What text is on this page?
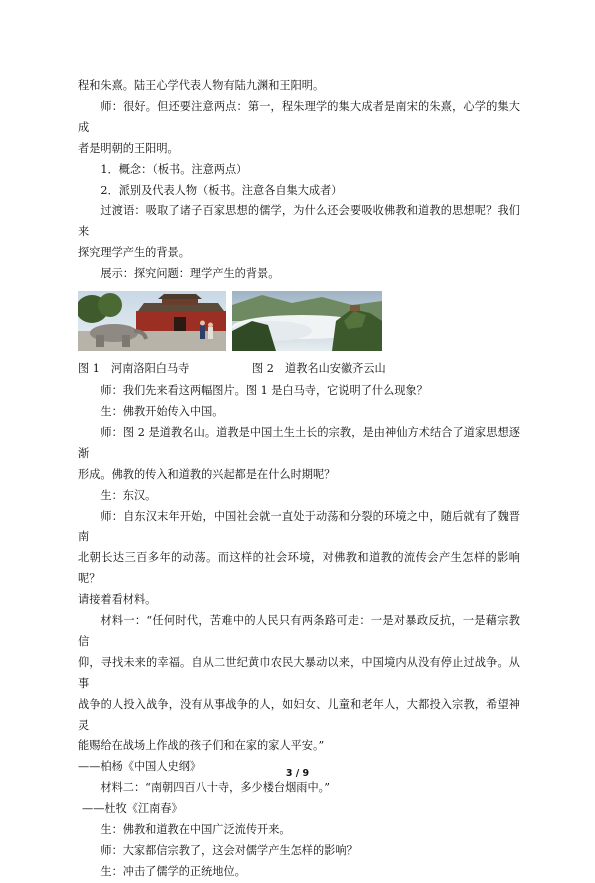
程和朱熹。陆王心学代表人物有陆九渊和王阳明。

师：很好。但还要注意两点：第一，程朱理学的集大成者是南宋的朱熹，心学的集大成

者是明朝的王阳明。

1．概念：（板书。注意两点）

2．派别及代表人物（板书。注意各自集大成者）

过渡语：吸取了诸子百家思想的儒学，为什么还会要吸收佛教和道教的思想呢？我们来

探究理学产生的背景。

展示：探究问题：理学产生的背景。

图 1　河南洛阳白马寺	图 2　道教名山安徽齐云山

师：我们先来看这两幅图片。图 1 是白马寺，它说明了什么现象？

生：佛教开始传入中国。

师：图 2 是道教名山。道教是中国土生土长的宗教，是由神仙方术结合了道家思想逐渐

形成。佛教的传入和道教的兴起都是在什么时期呢？

生：东汉。

师：自东汉末年开始，中国社会就一直处于动荡和分裂的环境之中，随后就有了魏晋南

北朝长达三百多年的动荡。而这样的社会环境，对佛教和道教的流传会产生怎样的影响呢？

请接着看材料。

材料一：“任何时代，苦难中的人民只有两条路可走：一是对暴政反抗，一是藉宗教信

仰，寻找未来的幸福。自从二世纪黄巾农民大暴动以来，中国境内从没有停止过战争。从事

战争的人投入战争，没有从事战争的人，如妇女、儿童和老年人，大都投入宗教，希望神灵

能赐给在战场上作战的孩子们和在家的家人平安。”

——柏杨《中国人史纲》

材料二：“南朝四百八十寺，多少楼台烟雨中。”

——杜牧《江南春》

生：佛教和道教在中国广泛流传开来。

师：大家都信宗教了，这会对儒学产生怎样的影响？

生：冲击了儒学的正统地位。

3 / 9
